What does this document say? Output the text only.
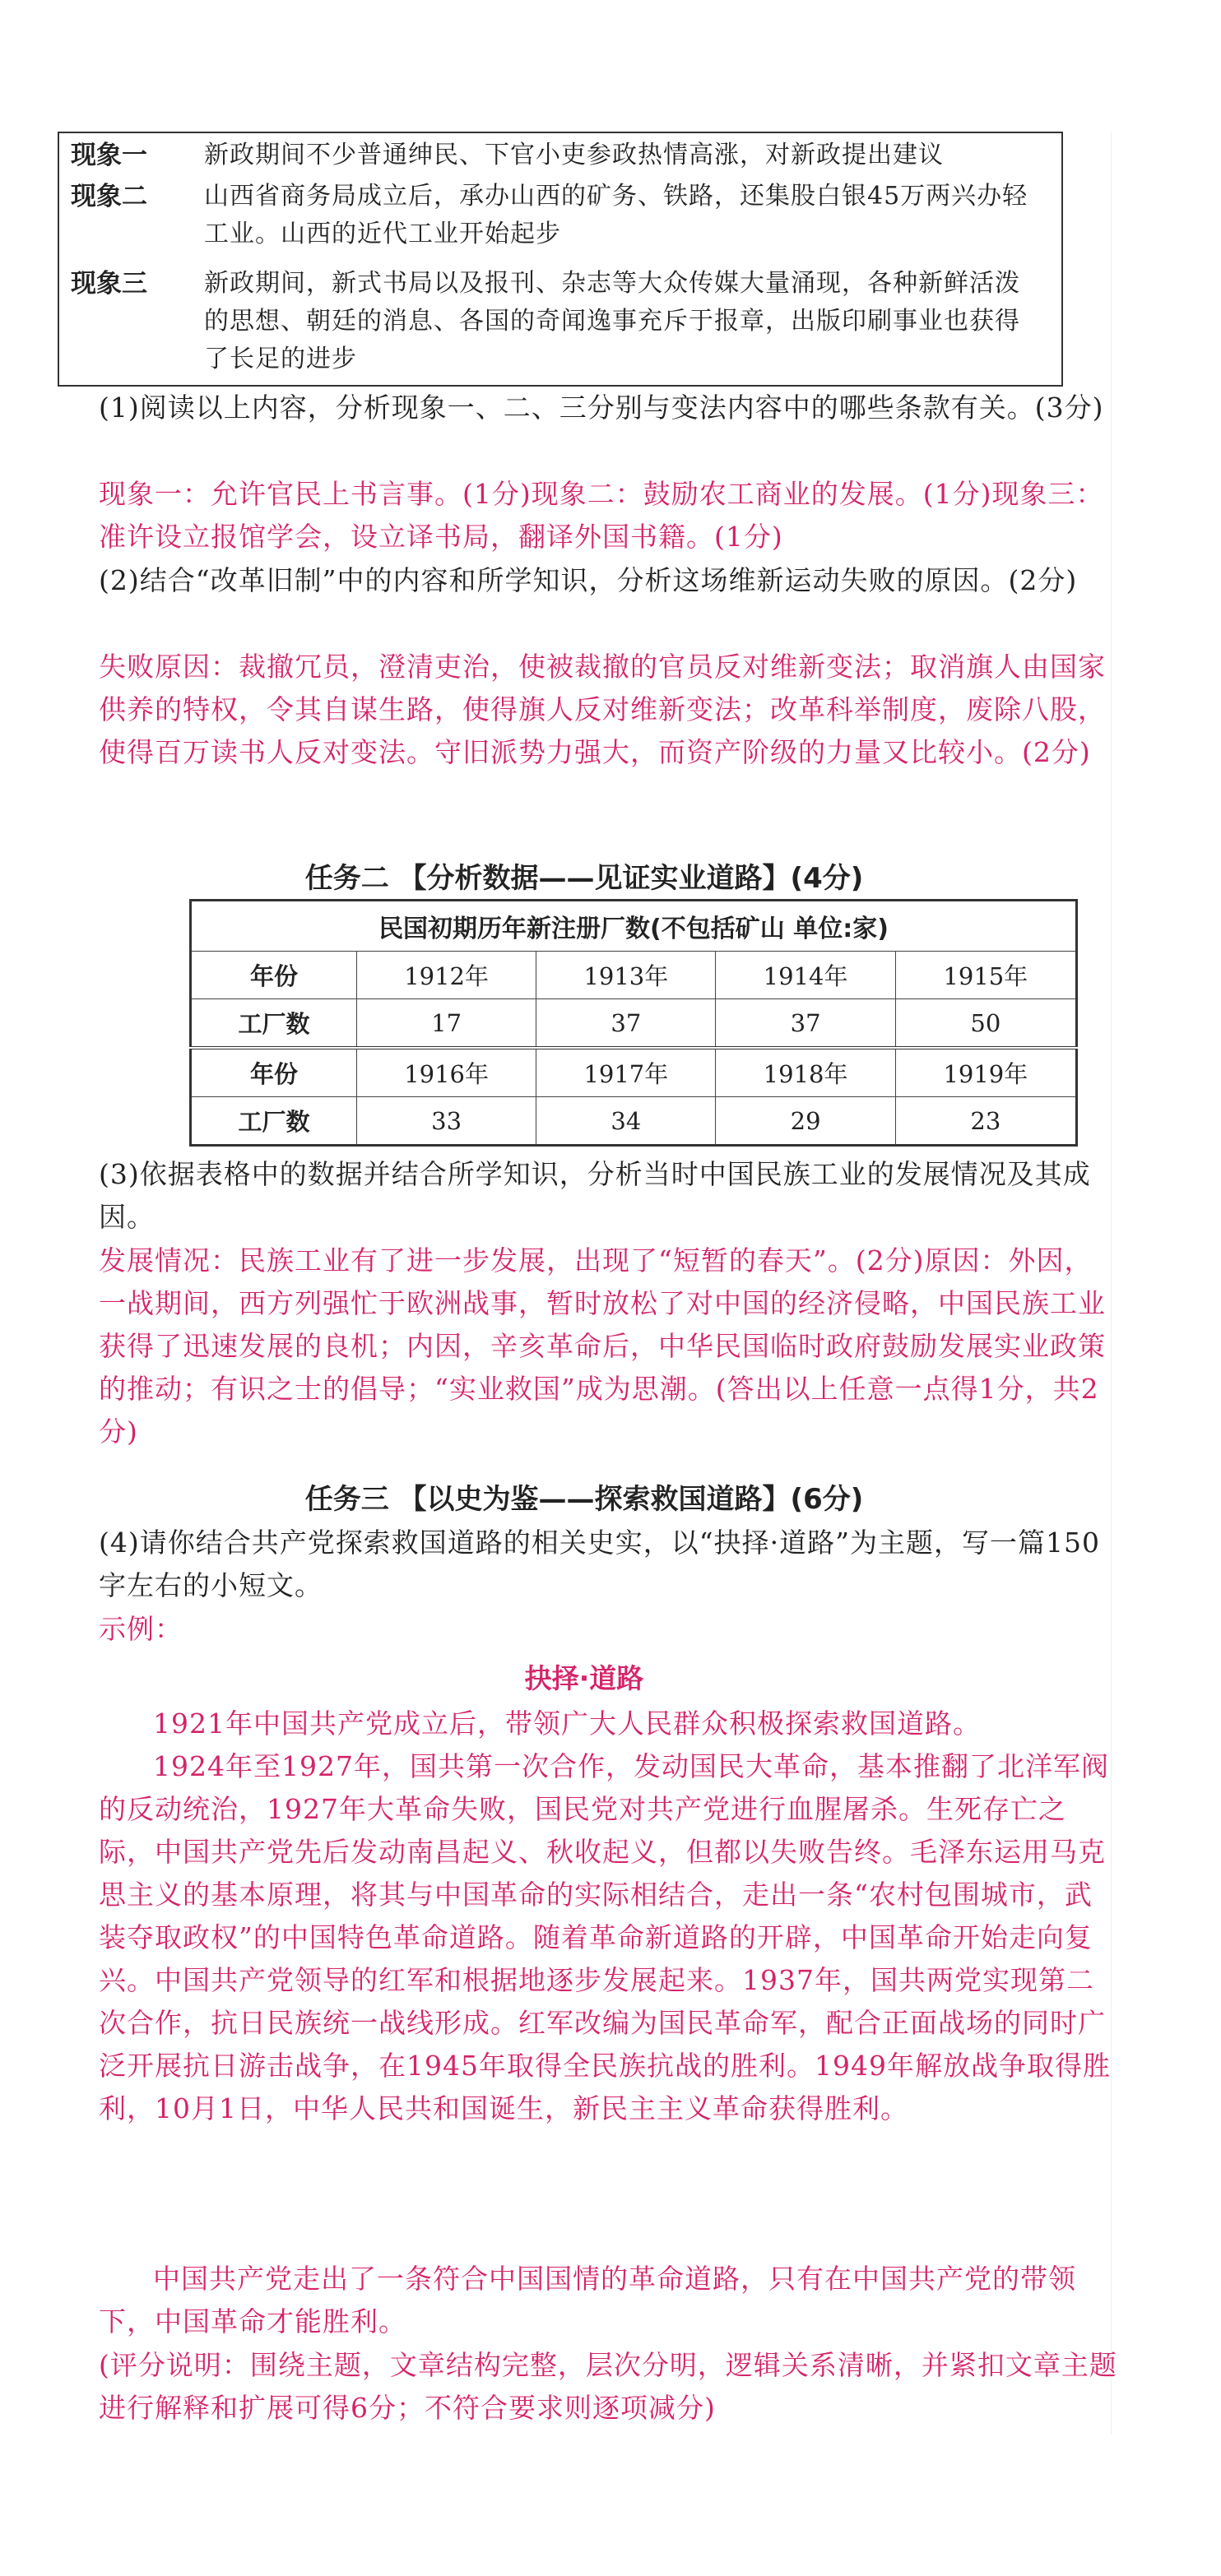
现象一 新政期间不少普通绅民、下官小吏参政热情高涨，对新政提出建议
现象二 山西省商务局成立后，承办山西的矿务、铁路，还集股白银45万两兴办轻工业。山西的近代工业开始起步
现象三 新政期间，新式书局以及报刊、杂志等大众传媒大量涌现，各种新鲜活泼的思想、朝廷的消息、各国的奇闻逸事充斥于报章，出版印刷事业也获得了长足的进步
(1)阅读以上内容，分析现象一、二、三分别与变法内容中的哪些条款有关。(3分)
现象一：允许官民上书言事。(1分)现象二：鼓励农工商业的发展。(1分)现象三：准许设立报馆学会，设立译书局，翻译外国书籍。(1分)
(2)结合“改革旧制”中的内容和所学知识，分析这场维新运动失败的原因。(2分)
失败原因：裁撤冗员，澄清吏治，使被裁撤的官员反对维新变法；取消旗人由国家供养的特权，令其自谋生路，使得旗人反对维新变法；改革科举制度，废除八股，使得百万读书人反对变法。守旧派势力强大，而资产阶级的力量又比较小。(2分)
任务二 【分析数据——见证实业道路】(4分)
民国初期历年新注册厂数(不包括矿山 单位:家)				
年份	1912年	1913年	1914年	1915年
工厂数	17	37	37	50
年份	1916年	1917年	1918年	1919年
工厂数	33	34	29	23
(3)依据表格中的数据并结合所学知识，分析当时中国民族工业的发展情况及其成因。
发展情况：民族工业有了进一步发展，出现了“短暂的春天”。(2分)原因：外因，一战期间，西方列强忙于欧洲战事，暂时放松了对中国的经济侵略，中国民族工业获得了迅速发展的良机；内因，辛亥革命后，中华民国临时政府鼓励发展实业政策的推动；有识之士的倡导；“实业救国”成为思潮。(答出以上任意一点得1分，共2分)
任务三 【以史为鉴——探索救国道路】(6分)
(4)请你结合共产党探索救国道路的相关史实，以“抉择·道路”为主题，写一篇150字左右的小短文。
示例：
抉择·道路
1921年中国共产党成立后，带领广大人民群众积极探索救国道路。
1924年至1927年，国共第一次合作，发动国民大革命，基本推翻了北洋军阀的反动统治，1927年大革命失败，国民党对共产党进行血腥屠杀。生死存亡之际，中国共产党先后发动南昌起义、秋收起义，但都以失败告终。毛泽东运用马克思主义的基本原理，将其与中国革命的实际相结合，走出一条“农村包围城市，武装夺取政权”的中国特色革命道路。随着革命新道路的开辟，中国革命开始走向复兴。中国共产党领导的红军和根据地逐步发展起来。1937年，国共两党实现第二次合作，抗日民族统一战线形成。红军改编为国民革命军，配合正面战场的同时广泛开展抗日游击战争，在1945年取得全民族抗战的胜利。1949年解放战争取得胜利，10月1日，中华人民共和国诞生，新民主主义革命获得胜利。
中国共产党走出了一条符合中国国情的革命道路，只有在中国共产党的带领下，中国革命才能胜利。
(评分说明：围绕主题，文章结构完整，层次分明，逻辑关系清晰，并紧扣文章主题进行解释和扩展可得6分；不符合要求则逐项减分)
